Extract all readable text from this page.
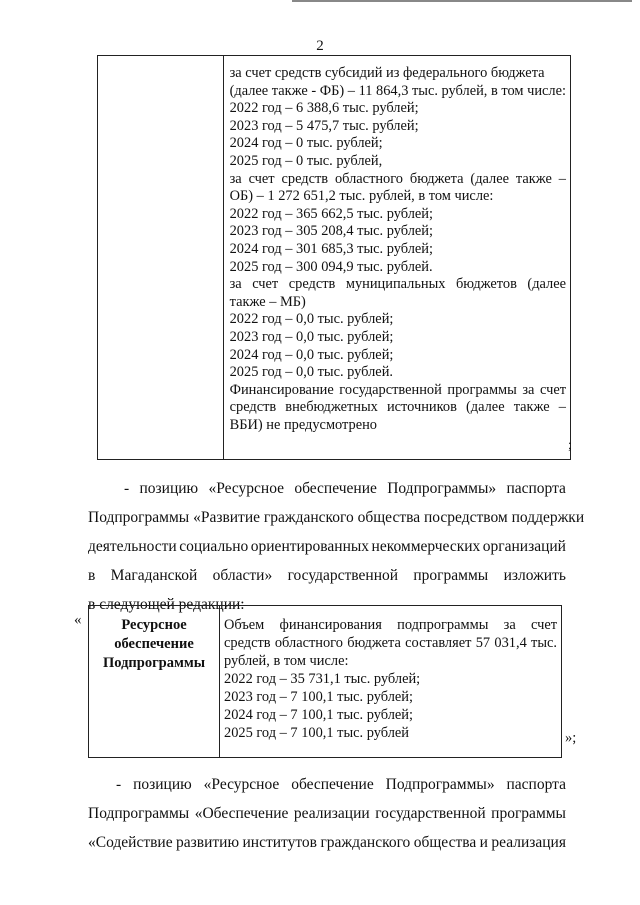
2

за счет средств субсидий из федерального бюджета
(далее также - ФБ) – 11 864,3 тыс. рублей, в том числе:
2022 год – 6 388,6 тыс. рублей;
2023 год – 5 475,7 тыс. рублей;
2024 год – 0 тыс. рублей;
2025 год – 0 тыс. рублей,
за счет средств областного бюджета (далее также – ОБ) – 1 272 651,2 тыс. рублей, в том числе:
2022 год – 365 662,5 тыс. рублей;
2023 год – 305 208,4 тыс. рублей;
2024 год – 301 685,3 тыс. рублей;
2025 год – 300 094,9 тыс. рублей.
за счет средств муниципальных бюджетов (далее также – МБ)
2022 год – 0,0 тыс. рублей;
2023 год – 0,0 тыс. рублей;
2024 год – 0,0 тыс. рублей;
2025 год – 0,0 тыс. рублей.
Финансирование государственной программы за счет средств внебюджетных источников (далее также – ВБИ) не предусмотрено
;
- позицию «Ресурсное обеспечение Подпрограммы» паспорта
Подпрограммы «Развитие гражданского общества посредством поддержки
деятельности социально ориентированных некоммерческих организаций
в Магаданской области» государственной программы изложить
в следующей редакции:
«	Ресурсное обеспечение Подпрограммы	
Объем финансирования подпрограммы за счет средств областного бюджета составляет 57 031,4 тыс. рублей, в том числе:
2022 год – 35 731,1 тыс. рублей;
2023 год – 7 100,1 тыс. рублей;
2024 год – 7 100,1 тыс. рублей;
2025 год – 7 100,1 тыс. рублей	»;
- позицию «Ресурсное обеспечение Подпрограммы» паспорта
Подпрограммы «Обеспечение реализации государственной программы
«Содействие развитию институтов гражданского общества и реализация
